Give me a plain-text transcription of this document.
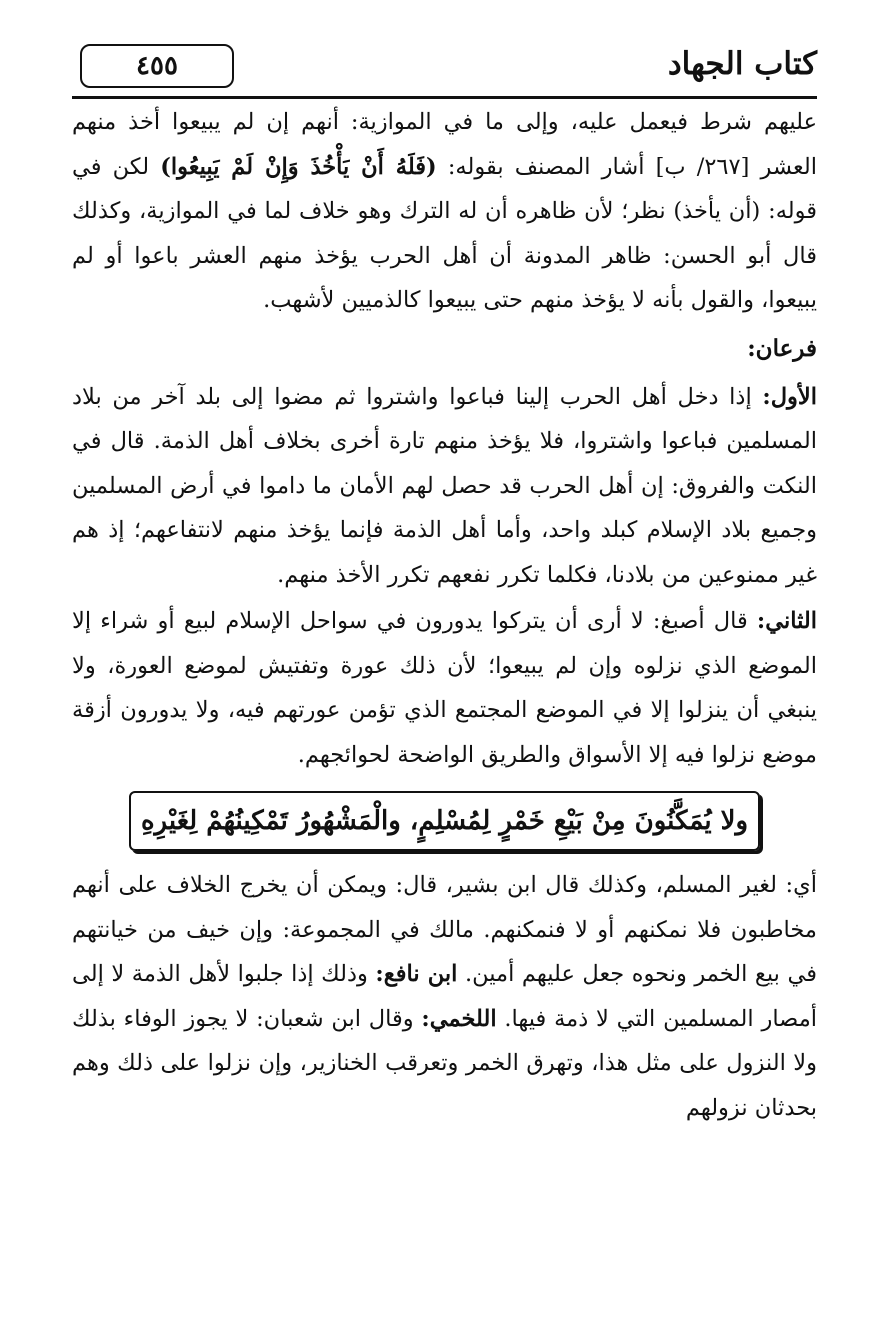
كتاب الجهاد
٤٥٥

عليهم شرط فيعمل عليه، وإلى ما في الموازية: أنهم إن لم يبيعوا أخذ منهم العشر [٢٦٧/ ب] أشار المصنف بقوله: (فَلَهُ أَنْ يَأْخُذَ وَإِنْ لَمْ يَبِيعُوا) لكن في قوله: (أن يأخذ) نظر؛ لأن ظاهره أن له الترك وهو خلاف لما في الموازية، وكذلك قال أبو الحسن: ظاهر المدونة أن أهل الحرب يؤخذ منهم العشر باعوا أو لم يبيعوا، والقول بأنه لا يؤخذ منهم حتى يبيعوا كالذميين لأشهب.

فرعان:

الأول: إذا دخل أهل الحرب إلينا فباعوا واشتروا ثم مضوا إلى بلد آخر من بلاد المسلمين فباعوا واشتروا، فلا يؤخذ منهم تارة أخرى بخلاف أهل الذمة. قال في النكت والفروق: إن أهل الحرب قد حصل لهم الأمان ما داموا في أرض المسلمين وجميع بلاد الإسلام كبلد واحد، وأما أهل الذمة فإنما يؤخذ منهم لانتفاعهم؛ إذ هم غير ممنوعين من بلادنا، فكلما تكرر نفعهم تكرر الأخذ منهم.

الثاني: قال أصبغ: لا أرى أن يتركوا يدورون في سواحل الإسلام لبيع أو شراء إلا الموضع الذي نزلوه وإن لم يبيعوا؛ لأن ذلك عورة وتفتيش لموضع العورة، ولا ينبغي أن ينزلوا إلا في الموضع المجتمع الذي تؤمن عورتهم فيه، ولا يدورون أزقة موضع نزلوا فيه إلا الأسواق والطريق الواضحة لحوائجهم.

ولا يُمَكَّنُونَ مِنْ بَيْعِ خَمْرٍ لِمُسْلِمٍ، والْمَشْهُورُ تَمْكِينُهُمْ لِغَيْرِهِ

أي: لغير المسلم، وكذلك قال ابن بشير، قال: ويمكن أن يخرج الخلاف على أنهم مخاطبون فلا نمكنهم أو لا فنمكنهم. مالك في المجموعة: وإن خيف من خيانتهم في بيع الخمر ونحوه جعل عليهم أمين. ابن نافع: وذلك إذا جلبوا لأهل الذمة لا إلى أمصار المسلمين التي لا ذمة فيها. اللخمي: وقال ابن شعبان: لا يجوز الوفاء بذلك ولا النزول على مثل هذا، وتهرق الخمر وتعرقب الخنازير، وإن نزلوا على ذلك وهم بحدثان نزولهم
